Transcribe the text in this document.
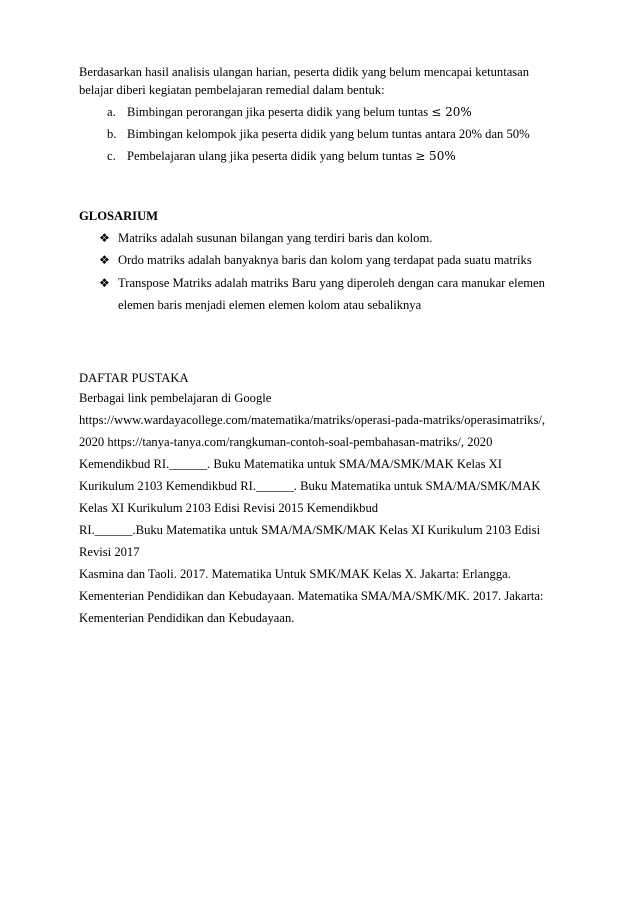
Berdasarkan hasil analisis ulangan harian, peserta didik yang belum mencapai ketuntasan
belajar diberi kegiatan pembelajaran remedial dalam bentuk:
a. Bimbingan perorangan jika peserta didik yang belum tuntas ≤ 20%
b. Bimbingan kelompok jika peserta didik yang belum tuntas antara 20% dan 50%
c. Pembelajaran ulang jika peserta didik yang belum tuntas ≥ 50%
GLOSARIUM
❖ Matriks adalah susunan bilangan yang terdiri baris dan kolom.
❖ Ordo matriks adalah banyaknya baris dan kolom yang terdapat pada suatu matriks
❖ Transpose Matriks adalah matriks Baru yang diperoleh dengan cara manukar elemen
elemen baris menjadi elemen elemen kolom atau sebaliknya
DAFTAR PUSTAKA
Berbagai link pembelajaran di Google
https://www.wardayacollege.com/matematika/matriks/operasi-pada-matriks/operasimatriks/,
2020 https://tanya-tanya.com/rangkuman-contoh-soal-pembahasan-matriks/, 2020
Kemendikbud RI.______. Buku Matematika untuk SMA/MA/SMK/MAK Kelas XI
Kurikulum 2103 Kemendikbud RI.______. Buku Matematika untuk SMA/MA/SMK/MAK
Kelas XI Kurikulum 2103 Edisi Revisi 2015 Kemendikbud
RI.______.Buku Matematika untuk SMA/MA/SMK/MAK Kelas XI Kurikulum 2103 Edisi
Revisi 2017
Kasmina dan Taoli. 2017. Matematika Untuk SMK/MAK Kelas X. Jakarta: Erlangga.
Kementerian Pendidikan dan Kebudayaan. Matematika SMA/MA/SMK/MK. 2017. Jakarta:
Kementerian Pendidikan dan Kebudayaan.
